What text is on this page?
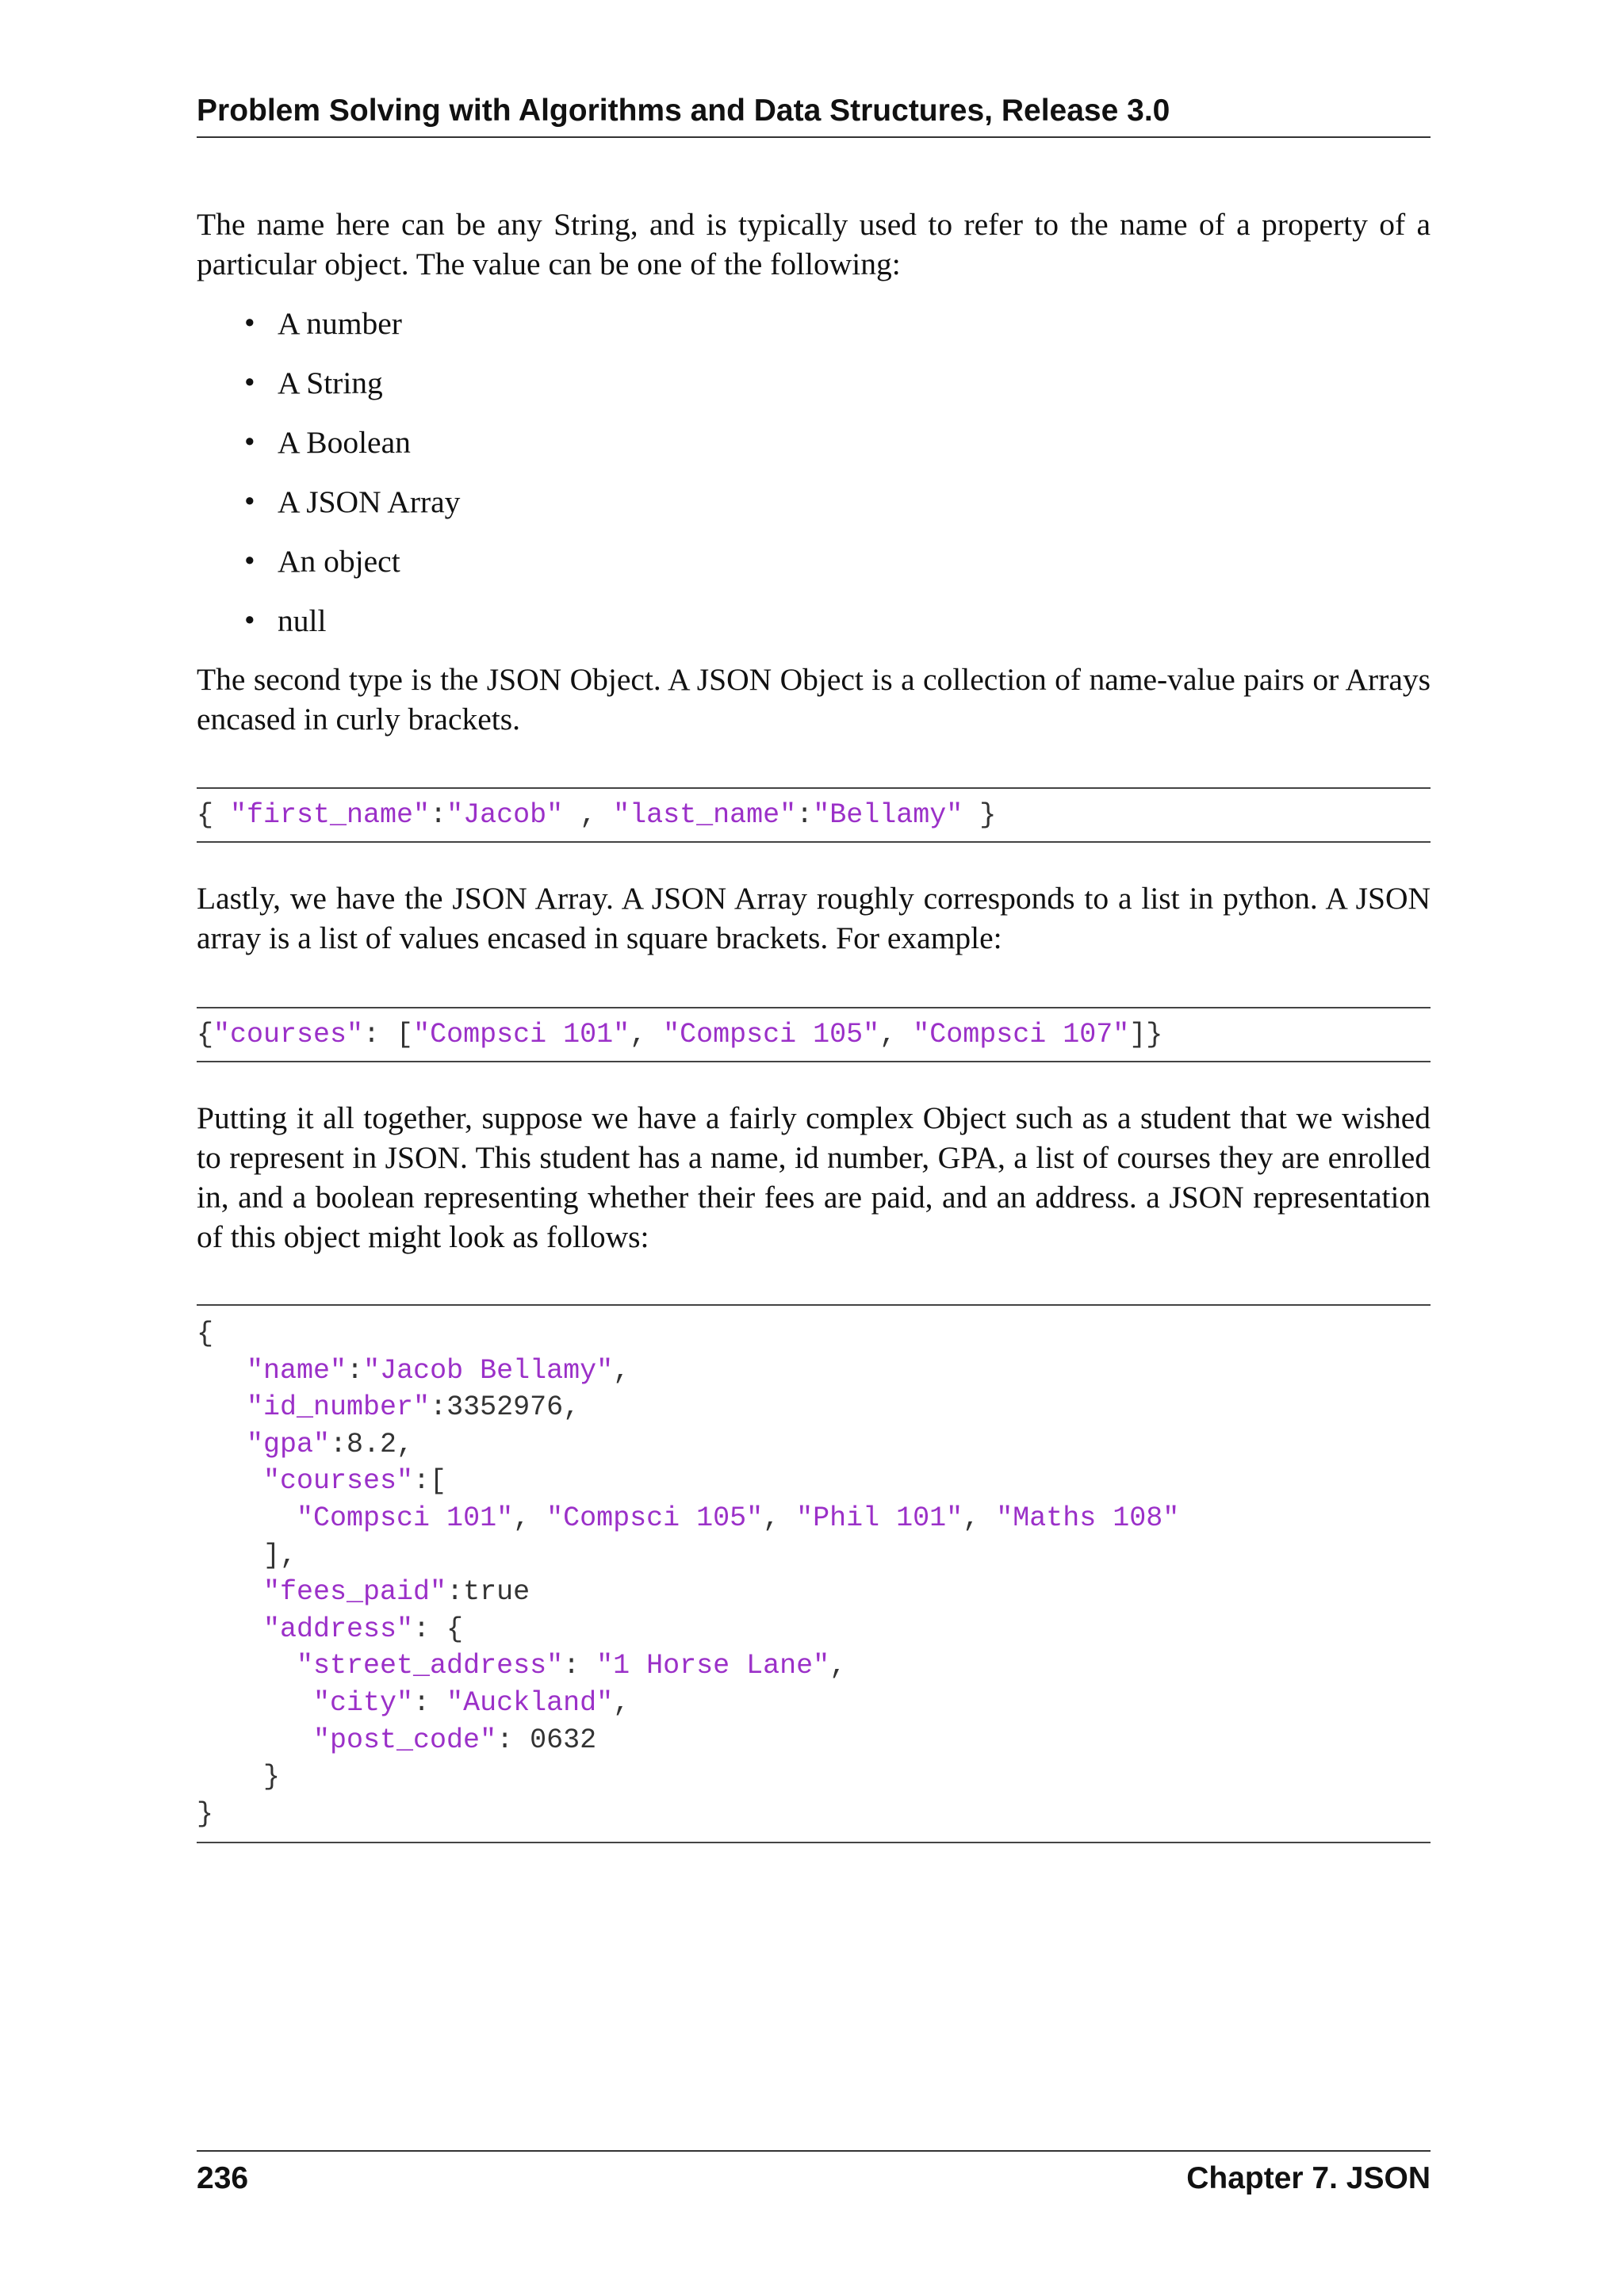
Problem Solving with Algorithms and Data Structures, Release 3.0

The name here can be any String, and is typically used to refer to the name of a property of a particular object. The value can be one of the following:

• A number
• A String
• A Boolean
• A JSON Array
• An object
• null

The second type is the JSON Object. A JSON Object is a collection of name-value pairs or Arrays encased in curly brackets.

{ "first_name":"Jacob" , "last_name":"Bellamy" }

Lastly, we have the JSON Array. A JSON Array roughly corresponds to a list in python. A JSON array is a list of values encased in square brackets. For example:

{"courses": ["Compsci 101", "Compsci 105", "Compsci 107"]}

Putting it all together, suppose we have a fairly complex Object such as a student that we wished to represent in JSON. This student has a name, id number, GPA, a list of courses they are enrolled in, and a boolean representing whether their fees are paid, and an address. a JSON representation of this object might look as follows:

{
"name":"Jacob Bellamy",
"id_number":3352976,
"gpa":8.2,
"courses":[
"Compsci 101", "Compsci 105", "Phil 101", "Maths 108"
],
"fees_paid":true
"address": {
"street_address": "1 Horse Lane",
"city": "Auckland",
"post_code": 0632
}
}
236	Chapter 7. JSON
